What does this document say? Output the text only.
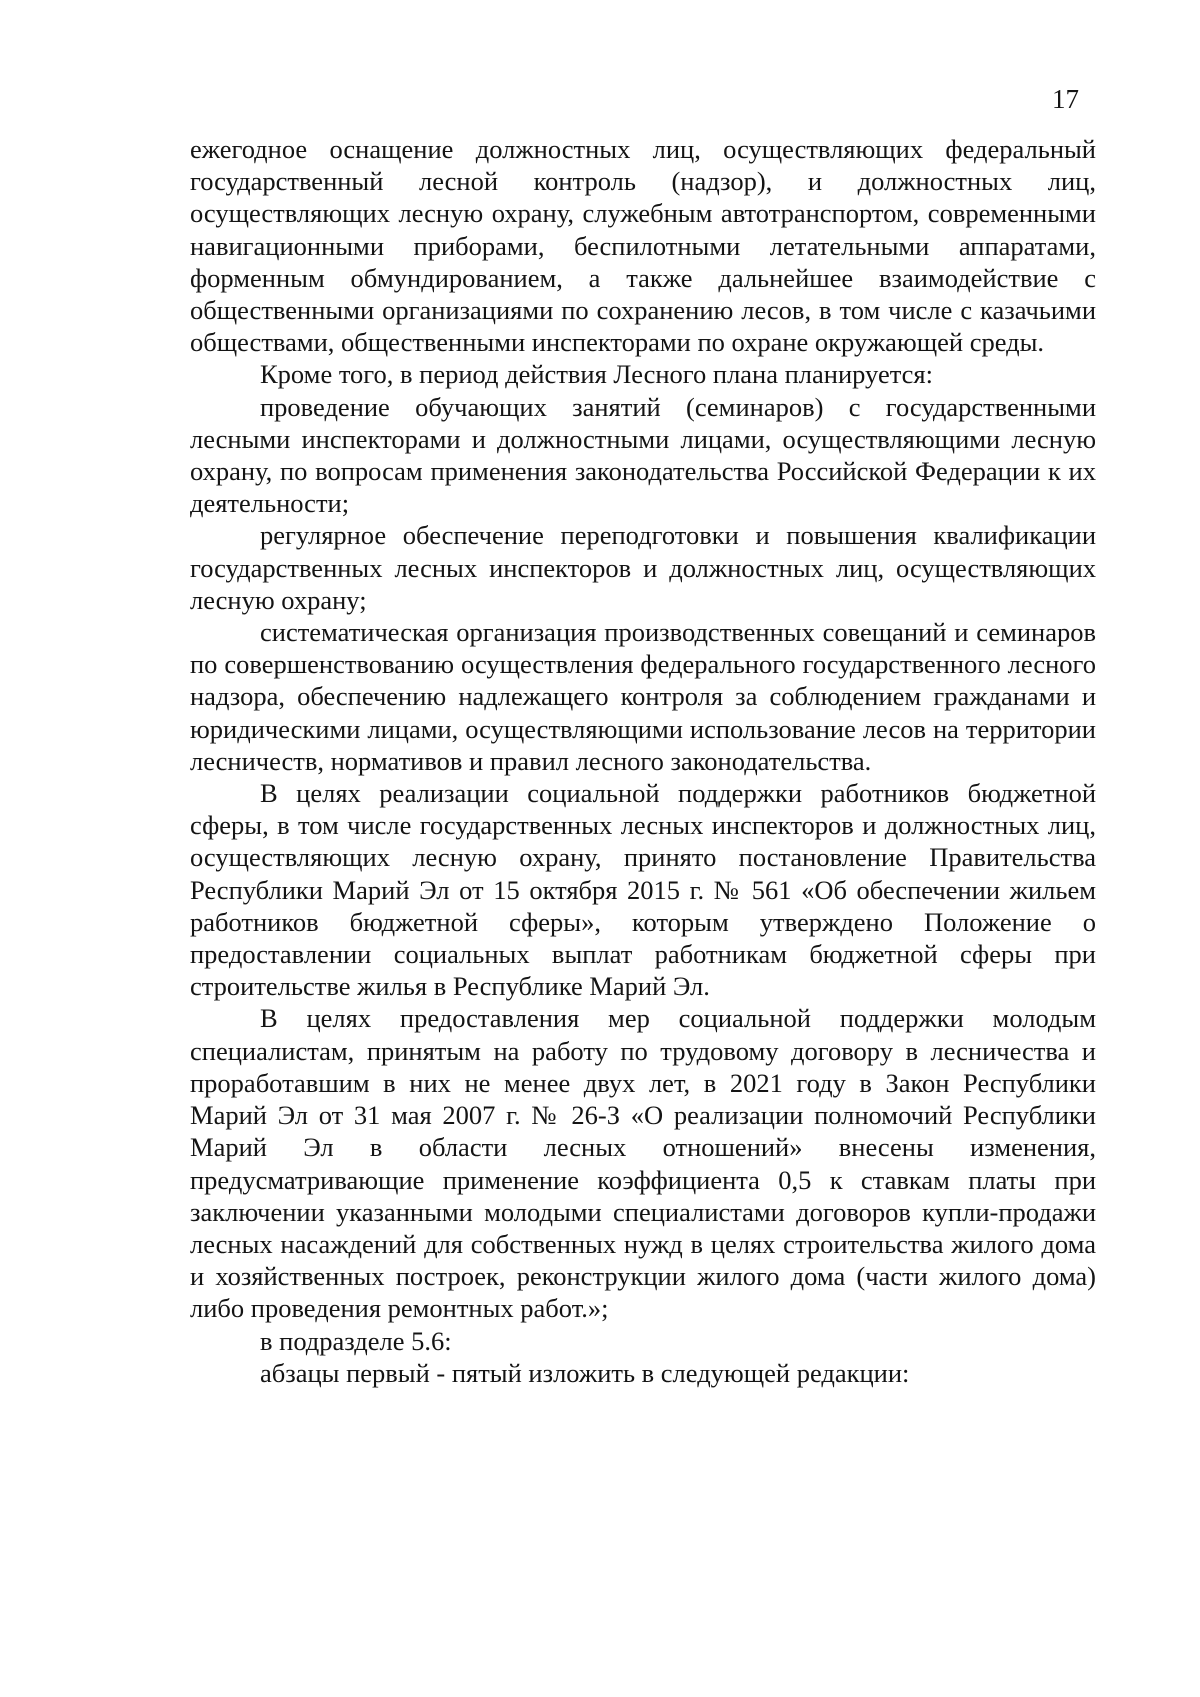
17

ежегодное оснащение должностных лиц, осуществляющих федеральный государственный лесной контроль (надзор), и должностных лиц, осуществляющих лесную охрану, служебным автотранспортом, современными навигационными приборами, беспилотными летательными аппаратами, форменным обмундированием, а также дальнейшее взаимодействие с общественными организациями по сохранению лесов, в том числе с казачьими обществами, общественными инспекторами по охране окружающей среды.

Кроме того, в период действия Лесного плана планируется:

проведение обучающих занятий (семинаров) с государственными лесными инспекторами и должностными лицами, осуществляющими лесную охрану, по вопросам применения законодательства Российской Федерации к их деятельности;

регулярное обеспечение переподготовки и повышения квалификации государственных лесных инспекторов и должностных лиц, осуществляющих лесную охрану;

систематическая организация производственных совещаний и семинаров по совершенствованию осуществления федерального государственного лесного надзора, обеспечению надлежащего контроля за соблюдением гражданами и юридическими лицами, осуществляющими использование лесов на территории лесничеств, нормативов и правил лесного законодательства.

В целях реализации социальной поддержки работников бюджетной сферы, в том числе государственных лесных инспекторов и должностных лиц, осуществляющих лесную охрану, принято постановление Правительства Республики Марий Эл от 15 октября 2015 г. № 561 «Об обеспечении жильем работников бюджетной сферы», которым утверждено Положение о предоставлении социальных выплат работникам бюджетной сферы при строительстве жилья в Республике Марий Эл.

В целях предоставления мер социальной поддержки молодым специалистам, принятым на работу по трудовому договору в лесничества и проработавшим в них не менее двух лет, в 2021 году в Закон Республики Марий Эл от 31 мая 2007 г. № 26-З «О реализации полномочий Республики Марий Эл в области лесных отношений» внесены изменения, предусматривающие применение коэффициента 0,5 к ставкам платы при заключении указанными молодыми специалистами договоров купли-продажи лесных насаждений для собственных нужд в целях строительства жилого дома и хозяйственных построек, реконструкции жилого дома (части жилого дома) либо проведения ремонтных работ.»;

в подразделе 5.6:

абзацы первый - пятый изложить в следующей редакции:
